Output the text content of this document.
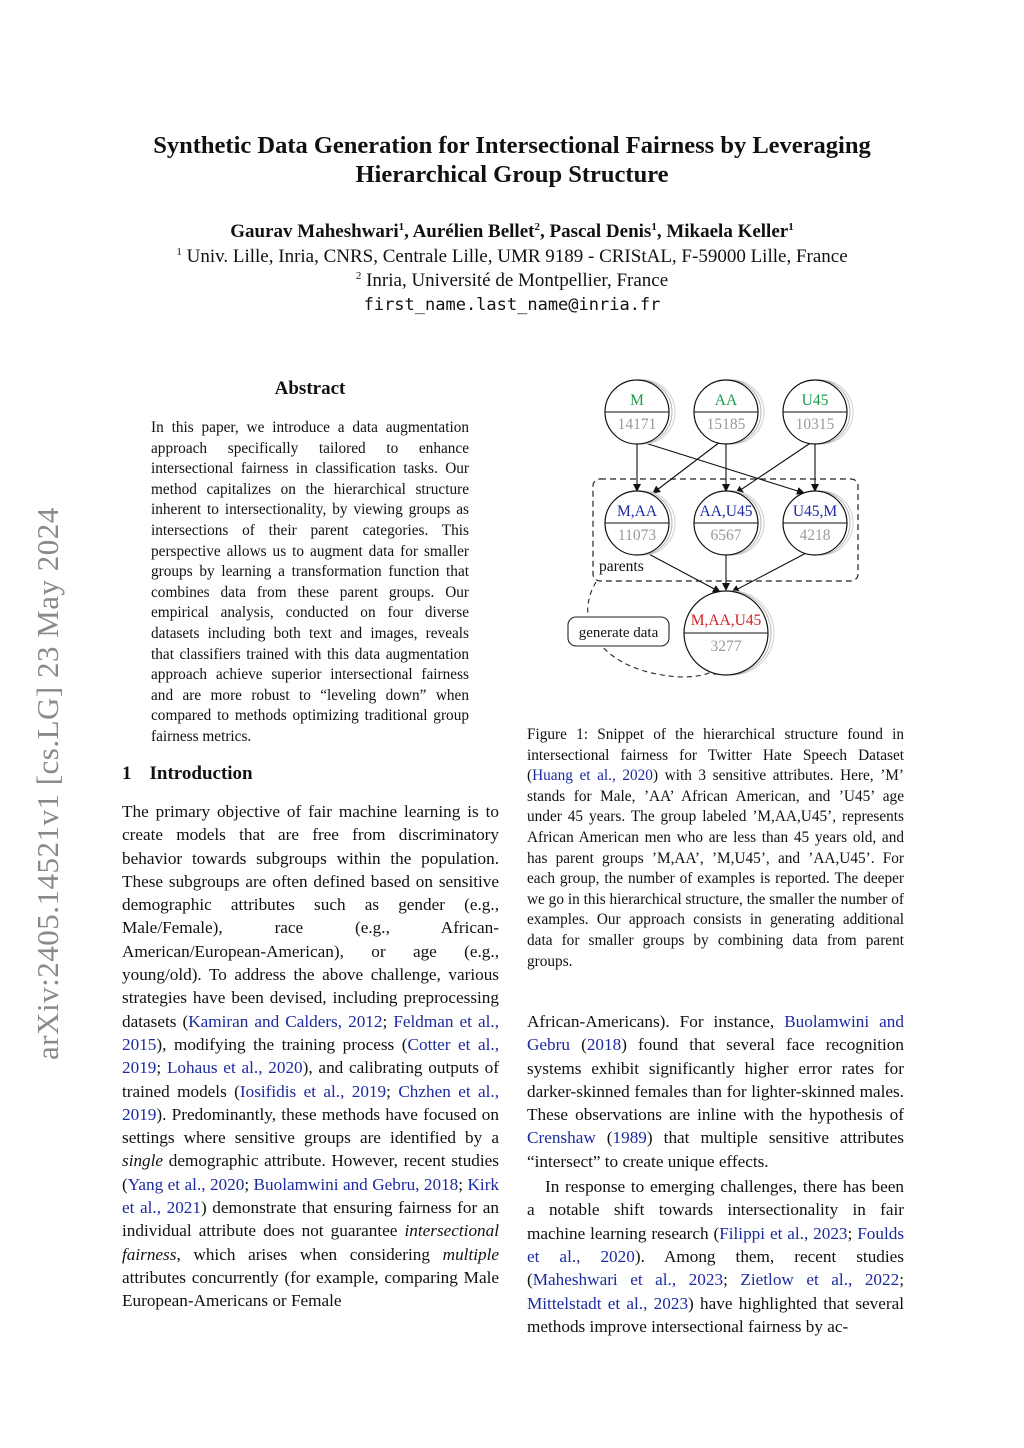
arXiv:2405.14521v1 [cs.LG] 23 May 2024
Synthetic Data Generation for Intersectional Fairness by Leveraging
Hierarchical Group Structure
Gaurav Maheshwari$^1$, Aurélien Bellet$^2$, Pascal Denis$^1$, Mikaela Keller$^1$
$^1$ Univ. Lille, Inria, CNRS, Centrale Lille, UMR 9189 - CRIStAL, F-59000 Lille, France
$^2$ Inria, Université de Montpellier, France
first_name.last_name@inria.fr
Abstract

In this paper, we introduce a data augmentation approach specifically tailored to enhance intersectional fairness in classification tasks. Our method capitalizes on the hierarchical structure inherent to intersectionality, by viewing groups as intersections of their parent categories. This perspective allows us to augment data for smaller groups by learning a transformation function that combines data from these parent groups. Our empirical analysis, conducted on four diverse datasets including both text and images, reveals that classifiers trained with this data augmentation approach achieve superior intersectional fairness and are more robust to “leveling down” when compared to methods optimizing traditional group fairness metrics.

1 Introduction

The primary objective of fair machine learning is to create models that are free from discriminatory behavior towards subgroups within the population. These subgroups are often defined based on sensitive demographic attributes such as gender (e.g., Male/Female), race (e.g., African-American/European-American), or age (e.g., young/old). To address the above challenge, various strategies have been devised, including preprocessing datasets (Kamiran and Calders, 2012; Feldman et al., 2015), modifying the training process (Cotter et al., 2019; Lohaus et al., 2020), and calibrating outputs of trained models (Iosifidis et al., 2019; Chzhen et al., 2019). Predominantly, these methods have focused on settings where sensitive groups are identified by a single demographic attribute. However, recent studies (Yang et al., 2020; Buolamwini and Gebru, 2018; Kirk et al., 2021) demonstrate that ensuring fairness for an individual attribute does not guarantee intersectional fairness, which arises when considering multiple attributes concurrently (for example, comparing Male European-Americans or Female

parents
generate data
M
14171
AA
15185
U45
10315
M,AA
11073
AA,U45
6567
U45,M
4218
M,AA,U45
3277

Figure 1: Snippet of the hierarchical structure found in intersectional fairness for Twitter Hate Speech Dataset (Huang et al., 2020) with 3 sensitive attributes. Here, ’M’ stands for Male, ’AA’ African American, and ’U45’ age under 45 years. The group labeled ’M,AA,U45’, represents African American men who are less than 45 years old, and has parent groups ’M,AA’, ’M,U45’, and ’AA,U45’. For each group, the number of examples is reported. The deeper we go in this hierarchical structure, the smaller the number of examples. Our approach consists in generating additional data for smaller groups by combining data from parent groups.

African-Americans). For instance, Buolamwini and Gebru (2018) found that several face recognition systems exhibit significantly higher error rates for darker-skinned females than for lighter-skinned males. These observations are inline with the hypothesis of Crenshaw (1989) that multiple sensitive attributes “intersect” to create unique effects.

In response to emerging challenges, there has been a notable shift towards intersectionality in fair machine learning research (Filippi et al., 2023; Foulds et al., 2020). Among them, recent studies (Maheshwari et al., 2023; Zietlow et al., 2022; Mittelstadt et al., 2023) have highlighted that several methods improve intersectional fairness by ac-
